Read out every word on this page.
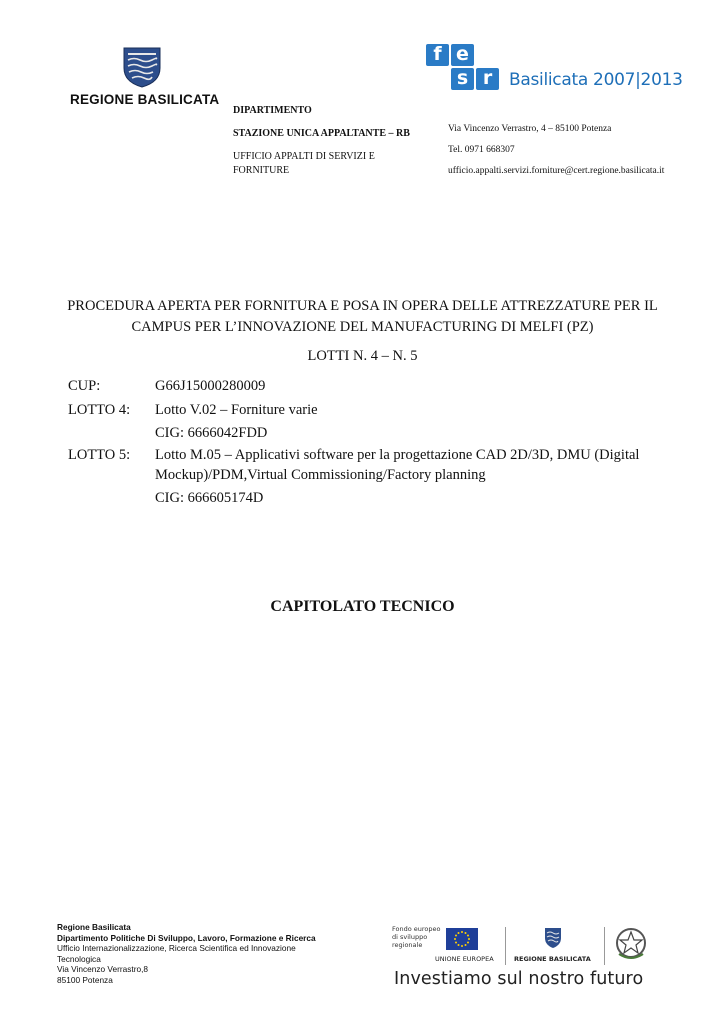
REGIONE BASILICATA
DIPARTIMENTO
STAZIONE UNICA APPALTANTE – RB
UFFICIO APPALTI DI SERVIZI E
FORNITURE
Via Vincenzo Verrastro, 4 – 85100 Potenza
Tel. 0971 668307
ufficio.appalti.servizi.forniture@cert.regione.basilicata.it
f e
s r Basilicata 2007|2013
PROCEDURA APERTA PER FORNITURA E POSA IN OPERA DELLE ATTREZZATURE PER IL
CAMPUS PER L’INNOVAZIONE DEL MANUFACTURING DI MELFI (PZ)
LOTTI N. 4 – N. 5
CUP:	G66J15000280009
LOTTO 4: Lotto V.02 – Forniture varie
CIG: 6666042FDD
LOTTO 5: Lotto M.05 – Applicativi software per la progettazione CAD 2D/3D, DMU (Digital Mockup)/PDM,Virtual Commissioning/Factory planning
CIG: 666605174D
CAPITOLATO TECNICO
Regione Basilicata
Dipartimento Politiche Di Sviluppo, Lavoro, Formazione e Ricerca
Ufficio Internazionalizzazione, Ricerca Scientifica ed Innovazione
Tecnologica
Via Vincenzo Verrastro,8
85100 Potenza
Fondo europeo di sviluppo regionale
UNIONE EUROPEA	REGIONE BASILICATA
Investiamo sul nostro futuro
